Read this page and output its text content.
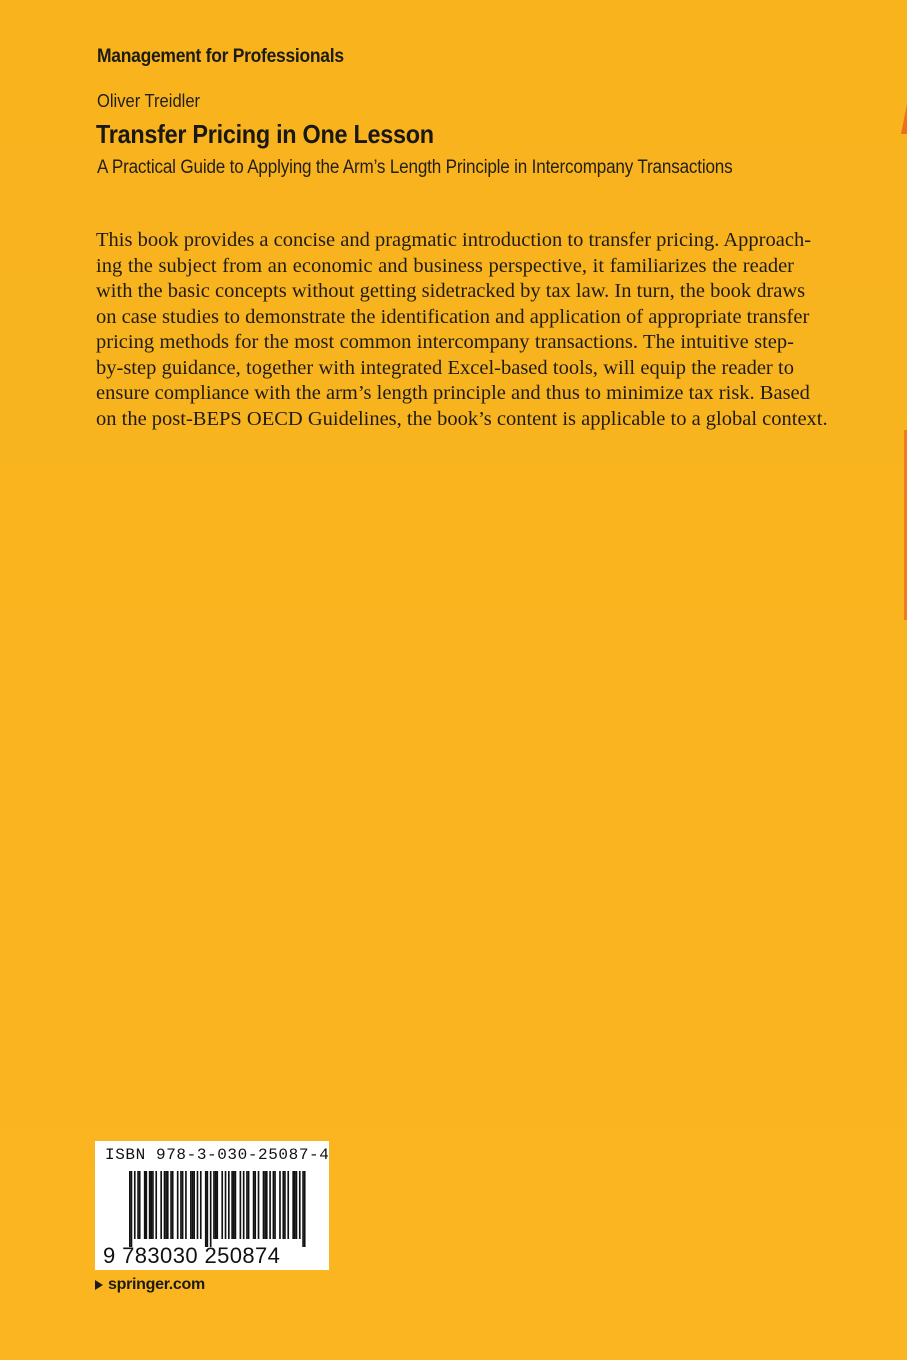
Management for Professionals
Oliver Treidler
Transfer Pricing in One Lesson
A Practical Guide to Applying the Arm’s Length Principle in Intercompany Transactions
This book provides a concise and pragmatic introduction to transfer pricing. Approach-
ing the subject from an economic and business perspective, it familiarizes the reader
with the basic concepts without getting sidetracked by tax law. In turn, the book draws
on case studies to demonstrate the identification and application of appropriate transfer
pricing methods for the most common intercompany transactions. The intuitive step-
by-step guidance, together with integrated Excel-based tools, will equip the reader to
ensure compliance with the arm’s length principle and thus to minimize tax risk. Based
on the post-BEPS OECD Guidelines, the book’s content is applicable to a global context.
ISBN 978-3-030-25087-4
9 783030 250874
springer.com
